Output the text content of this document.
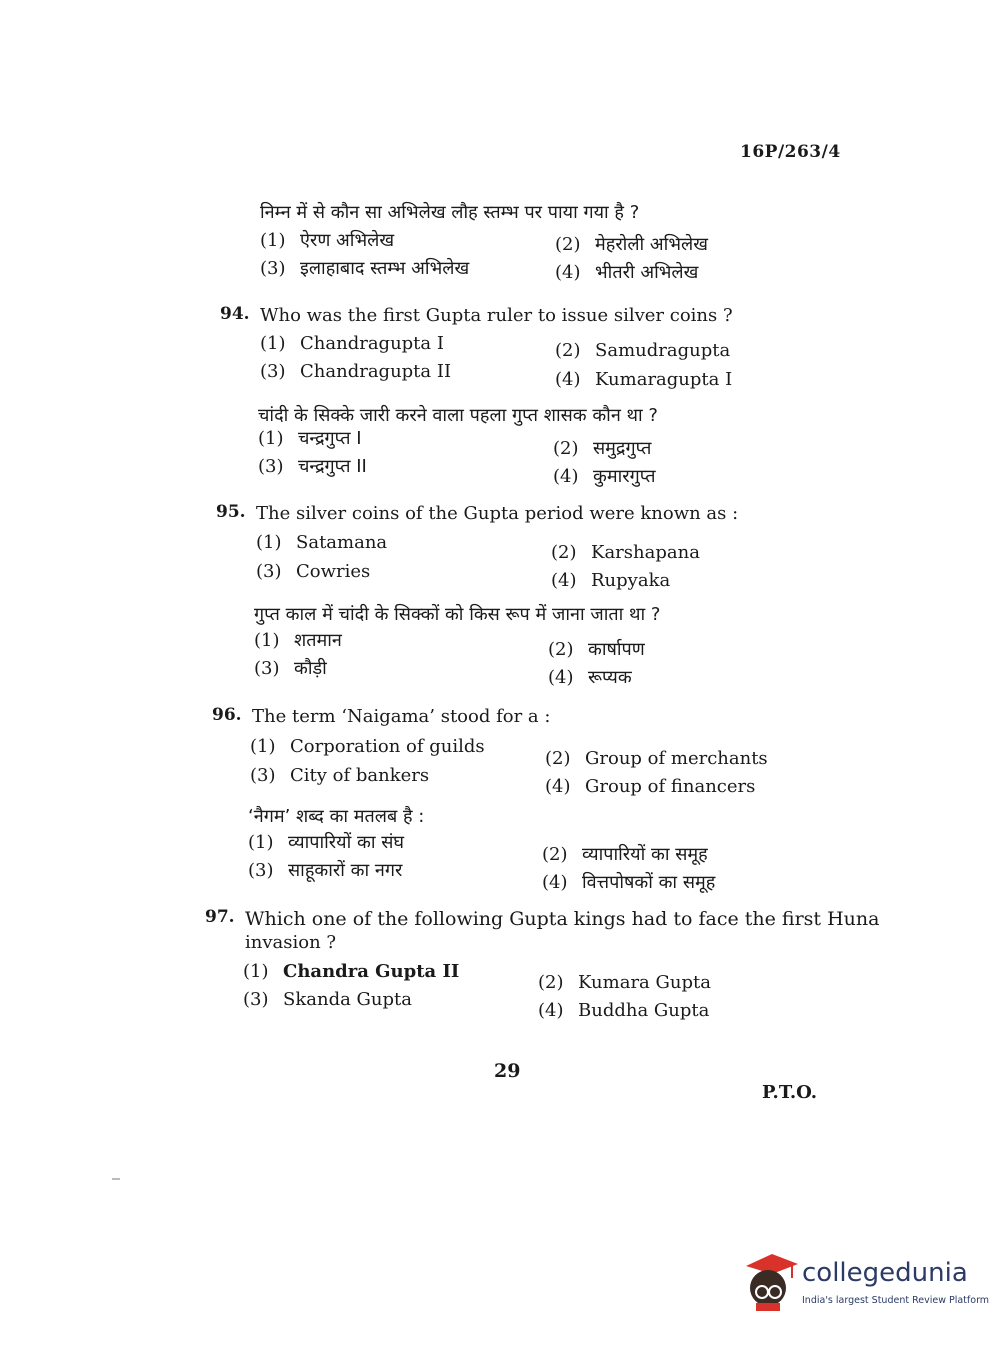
16P/263/4
निम्न में से कौन सा अभिलेख लौह स्तम्भ पर पाया गया है ?
(1) ऐरण अभिलेख	(2) मेहरोली अभिलेख
(3) इलाहाबाद स्तम्भ अभिलेख	(4) भीतरी अभिलेख
94. Who was the first Gupta ruler to issue silver coins ?
(1) Chandragupta I	(2) Samudragupta
(3) Chandragupta II	(4) Kumaragupta I
चांदी के सिक्के जारी करने वाला पहला गुप्त शासक कौन था ?
(1) चन्द्रगुप्त I	(2) समुद्रगुप्त
(3) चन्द्रगुप्त II	(4) कुमारगुप्त
95. The silver coins of the Gupta period were known as :
(1) Satamana	(2) Karshapana
(3) Cowries	(4) Rupyaka
गुप्त काल में चांदी के सिक्कों को किस रूप में जाना जाता था ?
(1) शतमान	(2) कार्षापण
(3) कौड़ी	(4) रूप्यक
96. The term ‘Naigama’ stood for a :
(1) Corporation of guilds
(2) Group of merchants
(3) City of bankers
(4) Group of financers
‘नैगम’ शब्द का मतलब है :
(1) व्यापारियों का संघ
(2) व्यापारियों का समूह
(3) साहूकारों का नगर
(4) वित्तपोषकों का समूह
97. Which one of the following Gupta kings had to face the first Huna
invasion ?
(1) Chandra Gupta II
(2) Kumara Gupta
(3) Skanda Gupta
(4) Buddha Gupta
29
P.T.O.
collegedunia
India's largest Student Review Platform
